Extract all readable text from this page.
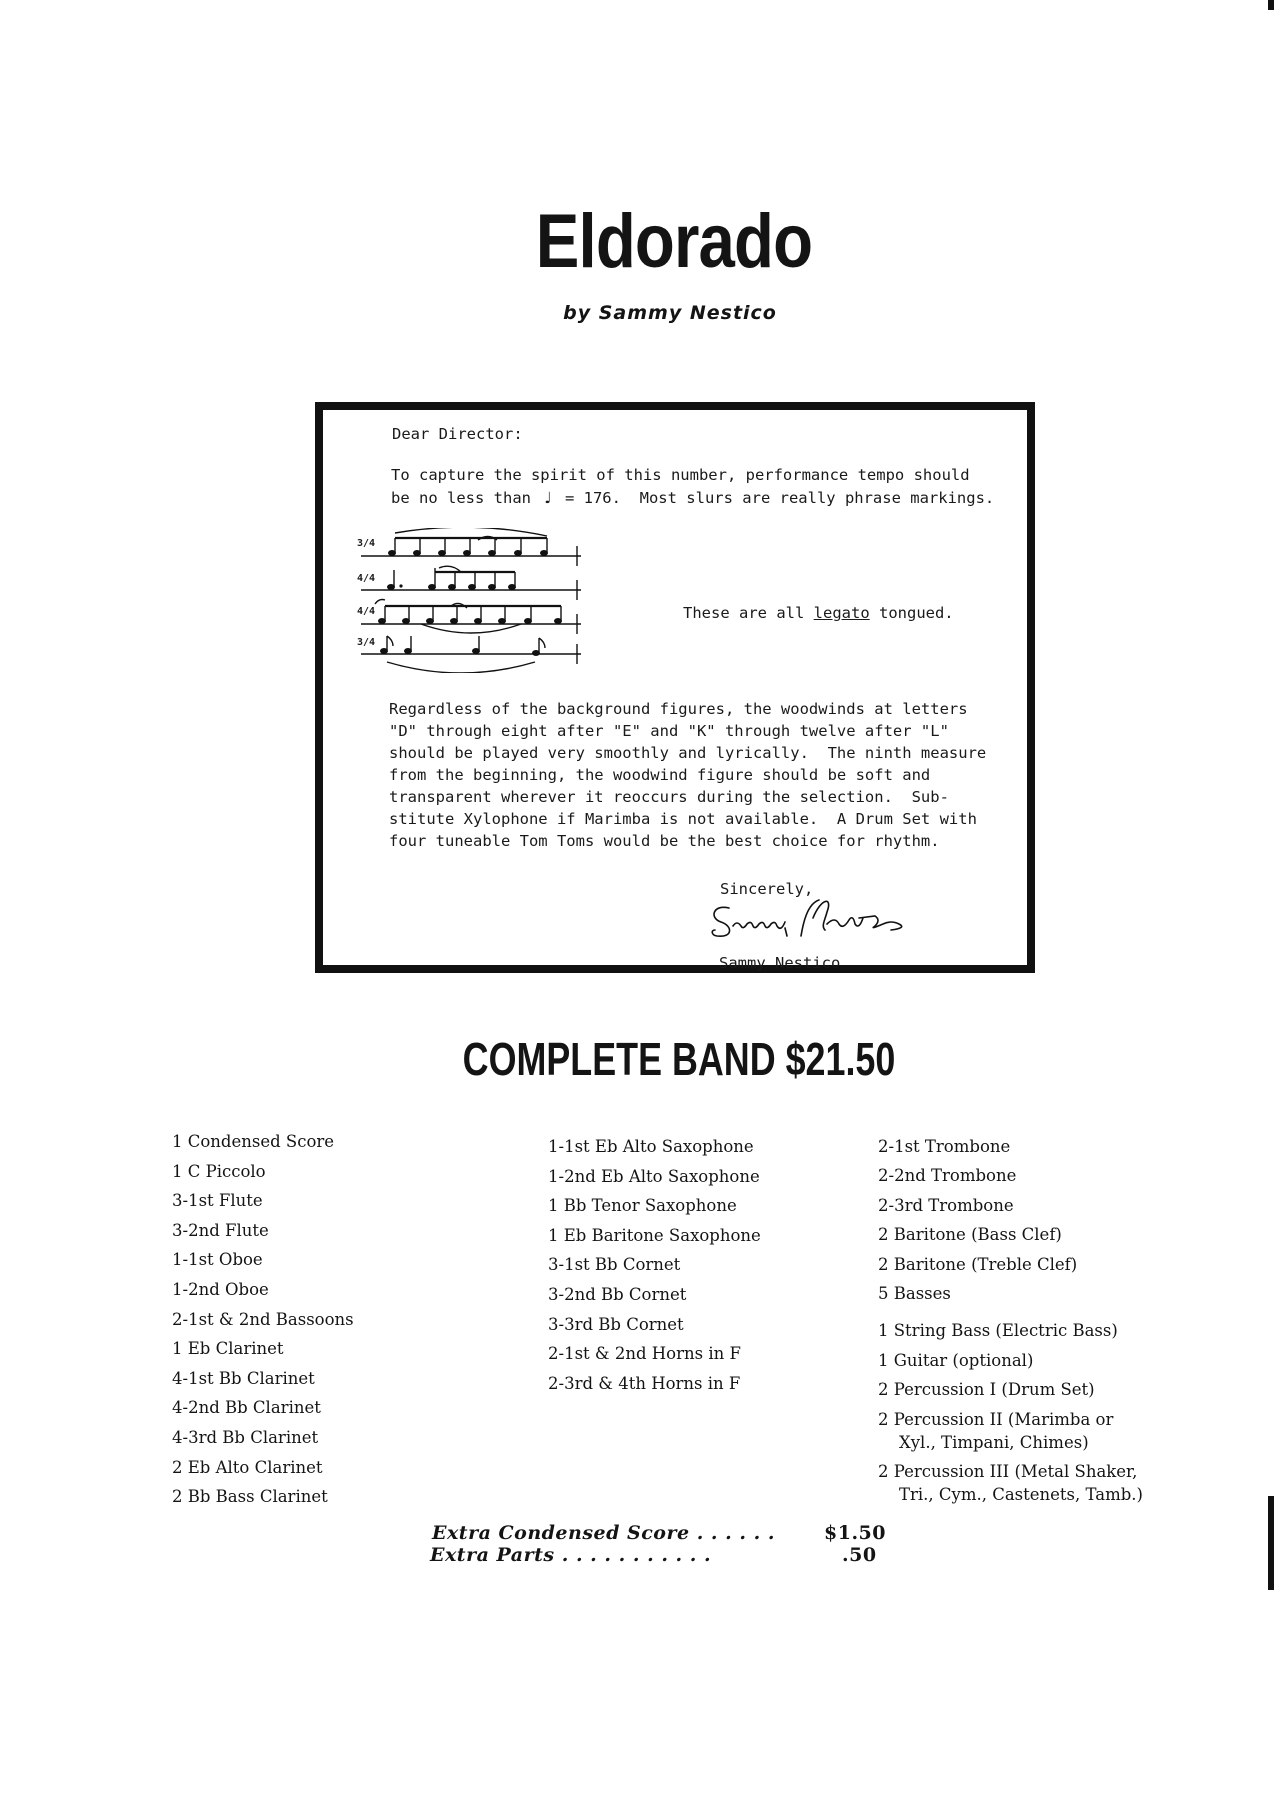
Eldorado
by Sammy Nestico
Dear Director:
To capture the spirit of this number, performance tempo should
be no less than ♩ = 176.  Most slurs are really phrase markings.
3/4
4/4
4/4
3/4
These are all legato tongued.
Regardless of the background figures, the woodwinds at letters
"D" through eight after "E" and "K" through twelve after "L"
should be played very smoothly and lyrically.  The ninth measure
from the beginning, the woodwind figure should be soft and
transparent wherever it reoccurs during the selection.  Sub-
stitute Xylophone if Marimba is not available.  A Drum Set with
four tuneable Tom Toms would be the best choice for rhythm.
Sincerely,
Sammy Nestico
COMPLETE BAND $21.50
1 Condensed Score
1 C Piccolo
3-1st Flute
3-2nd Flute
1-1st Oboe
1-2nd Oboe
2-1st & 2nd Bassoons
1 Eb Clarinet
4-1st Bb Clarinet
4-2nd Bb Clarinet
4-3rd Bb Clarinet
2 Eb Alto Clarinet
2 Bb Bass Clarinet
1-1st Eb Alto Saxophone
1-2nd Eb Alto Saxophone
1 Bb Tenor Saxophone
1 Eb Baritone Saxophone
3-1st Bb Cornet
3-2nd Bb Cornet
3-3rd Bb Cornet
2-1st & 2nd Horns in F
2-3rd & 4th Horns in F
2-1st Trombone
2-2nd Trombone
2-3rd Trombone
2 Baritone (Bass Clef)
2 Baritone (Treble Clef)
5 Basses
1 String Bass (Electric Bass)
1 Guitar (optional)
2 Percussion I (Drum Set)
2 Percussion II (Marimba or
Xyl., Timpani, Chimes)
2 Percussion III (Metal Shaker,
Tri., Cym., Castenets, Tamb.)
Extra Condensed Score . . . . . .	$1.50
Extra Parts . . . . . . . . . . .	.50
